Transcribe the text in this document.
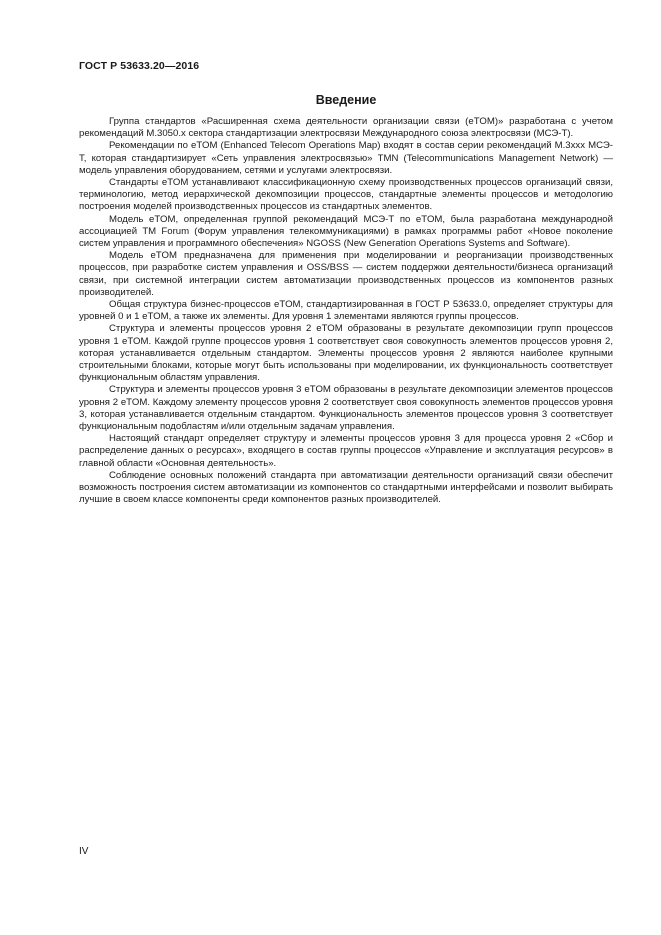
ГОСТ Р 53633.20—2016
Введение

Группа стандартов «Расширенная схема деятельности организации связи (eTOM)» разработана с учетом рекомендаций М.3050.х сектора стандартизации электросвязи Международного союза электросвязи (МСЭ-Т).

Рекомендации по eTOM (Enhanced Telecom Operations Map) входят в состав серии рекомендаций М.3ххх МСЭ-Т, которая стандартизирует «Сеть управления электросвязью» TMN (Telecommunications Management Network) — модель управления оборудованием, сетями и услугами электросвязи.

Стандарты eTOM устанавливают классификационную схему производственных процессов организаций связи, терминологию, метод иерархической декомпозиции процессов, стандартные элементы процессов и методологию построения моделей производственных процессов из стандартных элементов.

Модель eTOM, определенная группой рекомендаций МСЭ-Т по eTOM, была разработана международной ассоциацией TM Forum (Форум управления телекоммуникациями) в рамках программы работ «Новое поколение систем управления и программного обеспечения» NGOSS (New Generation Operations Systems and Software).

Модель eTOM предназначена для применения при моделировании и реорганизации производственных процессов, при разработке систем управления и OSS/BSS — систем поддержки деятельности/бизнеса организаций связи, при системной интеграции систем автоматизации производственных процессов из компонентов разных производителей.

Общая структура бизнес-процессов eTOM, стандартизированная в ГОСТ Р 53633.0, определяет структуры для уровней 0 и 1 eTOM, а также их элементы. Для уровня 1 элементами являются группы процессов.

Структура и элементы процессов уровня 2 eTOM образованы в результате декомпозиции групп процессов уровня 1 eTOM. Каждой группе процессов уровня 1 соответствует своя совокупность элементов процессов уровня 2, которая устанавливается отдельным стандартом. Элементы процессов уровня 2 являются наиболее крупными строительными блоками, которые могут быть использованы при моделировании, их функциональность соответствует функциональным областям управления.

Структура и элементы процессов уровня 3 eTOM образованы в результате декомпозиции элементов процессов уровня 2 eTOM. Каждому элементу процессов уровня 2 соответствует своя совокупность элементов процессов уровня 3, которая устанавливается отдельным стандартом. Функциональность элементов процессов уровня 3 соответствует функциональным подобластям и/или отдельным задачам управления.

Настоящий стандарт определяет структуру и элементы процессов уровня 3 для процесса уровня 2 «Сбор и распределение данных о ресурсах», входящего в состав группы процессов «Управление и эксплуатация ресурсов» в главной области «Основная деятельность».

Соблюдение основных положений стандарта при автоматизации деятельности организаций связи обеспечит возможность построения систем автоматизации из компонентов со стандартными интерфейсами и позволит выбирать лучшие в своем классе компоненты среди компонентов разных производителей.

IV
